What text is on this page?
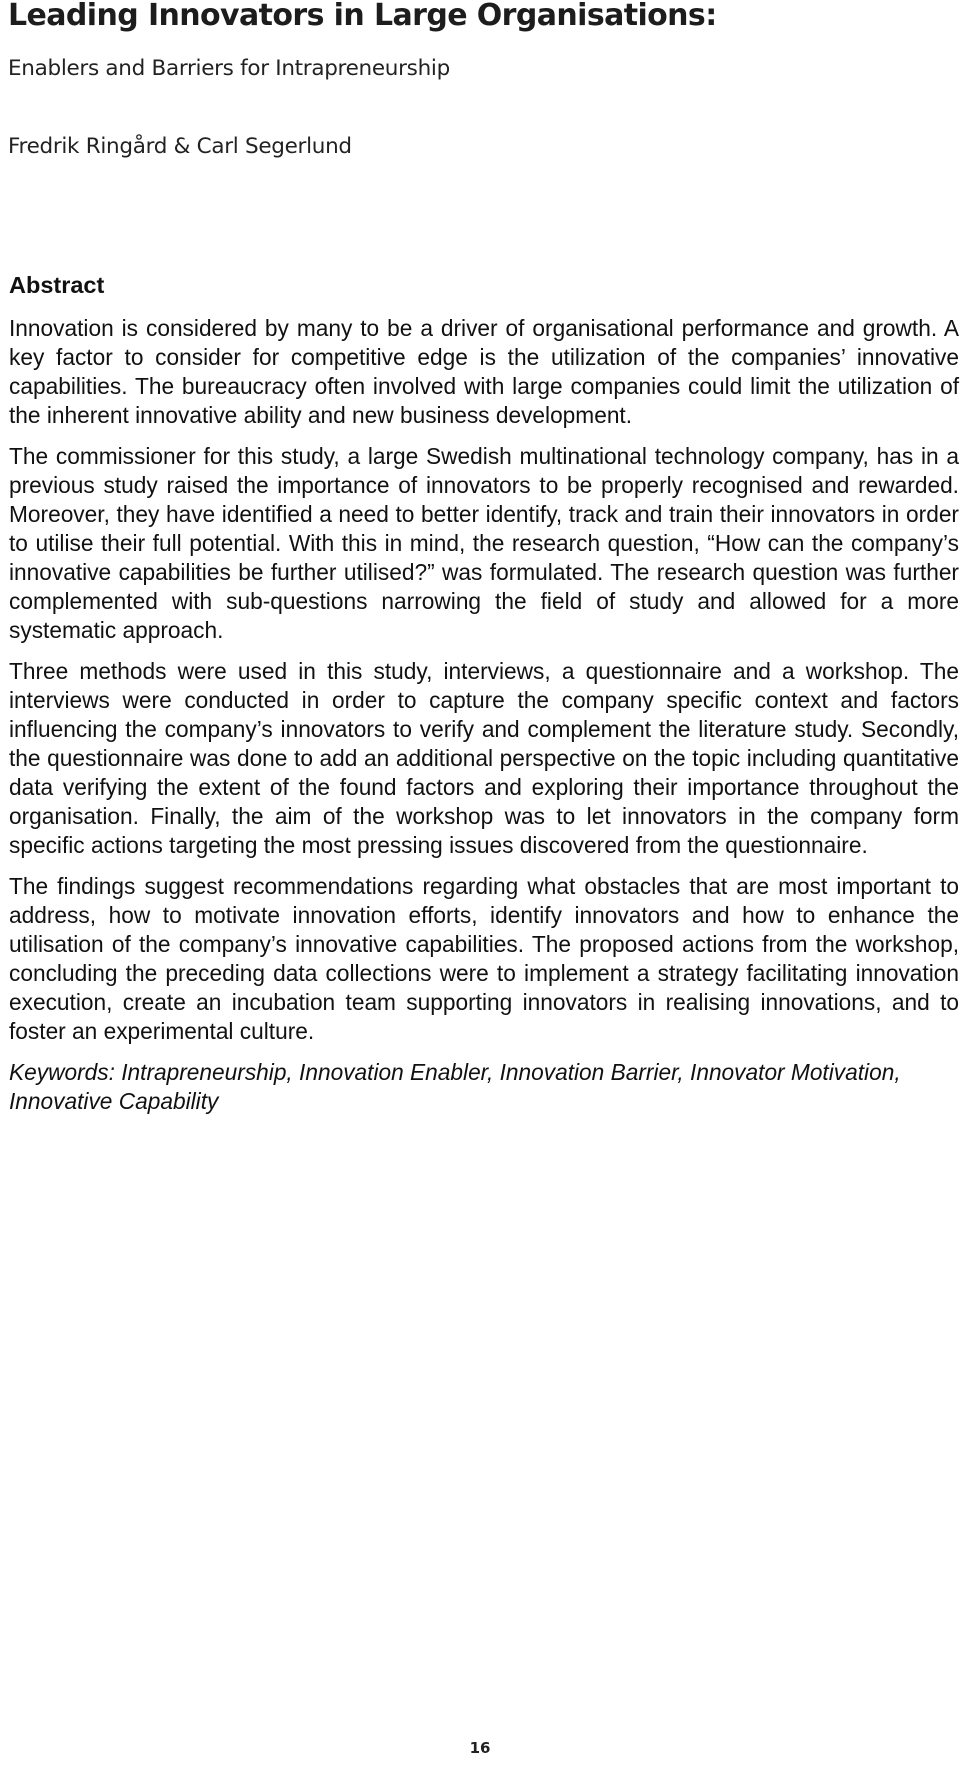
Leading Innovators in Large Organisations:
Enablers and Barriers for Intrapreneurship
Fredrik Ringård & Carl Segerlund
Abstract

Innovation is considered by many to be a driver of organisational performance and growth. A key factor to consider for competitive edge is the utilization of the companies’ innovative capabilities. The bureaucracy often involved with large companies could limit the utilization of the inherent innovative ability and new business development.

The commissioner for this study, a large Swedish multinational technology company, has in a previous study raised the importance of innovators to be properly recognised and rewarded. Moreover, they have identified a need to better identify, track and train their innovators in order to utilise their full potential. With this in mind, the research question, “How can the company’s innovative capabilities be further utilised?” was formulated. The research question was further complemented with sub-questions narrowing the field of study and allowed for a more systematic approach.

Three methods were used in this study, interviews, a questionnaire and a workshop. The interviews were conducted in order to capture the company specific context and factors influencing the company’s innovators to verify and complement the literature study. Secondly, the questionnaire was done to add an additional perspective on the topic including quantitative data verifying the extent of the found factors and exploring their importance throughout the organisation. Finally, the aim of the workshop was to let innovators in the company form specific actions targeting the most pressing issues discovered from the questionnaire.

The findings suggest recommendations regarding what obstacles that are most important to address, how to motivate innovation efforts, identify innovators and how to enhance the utilisation of the company’s innovative capabilities. The proposed actions from the workshop, concluding the preceding data collections were to implement a strategy facilitating innovation execution, create an incubation team supporting innovators in realising innovations, and to foster an experimental culture.

Keywords: Intrapreneurship, Innovation Enabler, Innovation Barrier, Innovator Motivation, Innovative Capability

16
